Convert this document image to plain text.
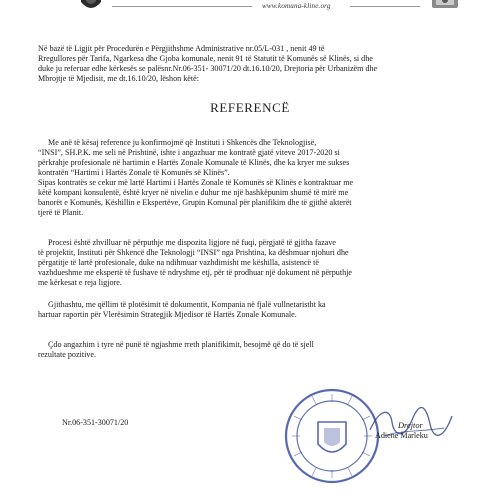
www.komuna-kline.org

Në bazë të Ligjit për Procedurën e Përgjithshme Administrative nr.05/L-031 , nenit 49 të
Rregullores për Tarifa, Ngarkesa dhe Gjoba komunale, nenit 91 të Statutit të Komunës së Klinës, si dhe
duke ju referuar edhe kërkesës se palësnr.Nr.06-351- 30071/20 dt.16.10/20, Drejtoria për Urbanizëm dhe
Mbrojtje të Mjedisit, me dt.16.10/20, lëshon këtë:

REFERENCË

Me anë të kësaj reference ju konfirmojmë që Instituti i Shkencës dhe Teknologjisë,
“INSI”, SH.P.K. me seli në Prishtinë, ishte i angazhuar me kontratë gjatë viteve 2017-2020 si
përkrahje profesionale në hartimin e Hartës Zonale Komunale të Klinës, dhe ka kryer me sukses
kontratën “Hartimi i Hartës Zonale të Komunës së Klinës”.
Sipas kontratës se cekur më lartë Hartimi i Hartës Zonale të Komunës së Klinës e kontraktuar me
këtë kompani konsulentë, është kryer në nivelin e duhur me një bashkëpunim shumë të mirë me
banorët e Komunës, Këshillin e Ekspertëve, Grupin Komunal për planifikim dhe të gjithë akterët
tjerë të Planit.

Procesi është zhvilluar në përputhje me dispozita ligjore në fuqi, përgjatë të gjitha fazave
të projektit, Instituti për Shkencë dhe Teknologji “INSI” nga Prishtina, ka dëshmuar njohuri dhe
përgatitje të lartë profesionale, duke na ndihmuar vazhdimisht me këshilla, asistencë të
vazhdueshme me ekspertë të fushave të ndryshme etj, për të prodhuar një dokument në përputhje
me kërkesat e reja ligjore.

Gjithashtu, me qëllim të plotësimit të dokumentit, Kompania në fjalë vullnetaristht ka
hartuar raportin për Vlerësimin Strategjik Mjedisor të Hartës Zonale Komunale.

Çdo angazhim i tyre në punë të ngjashme rreth planifikimit, besojmë që do të sjell
rezultate pozitive.

Nr.06-351-30071/20	Drejtor
Adiene Marleku
